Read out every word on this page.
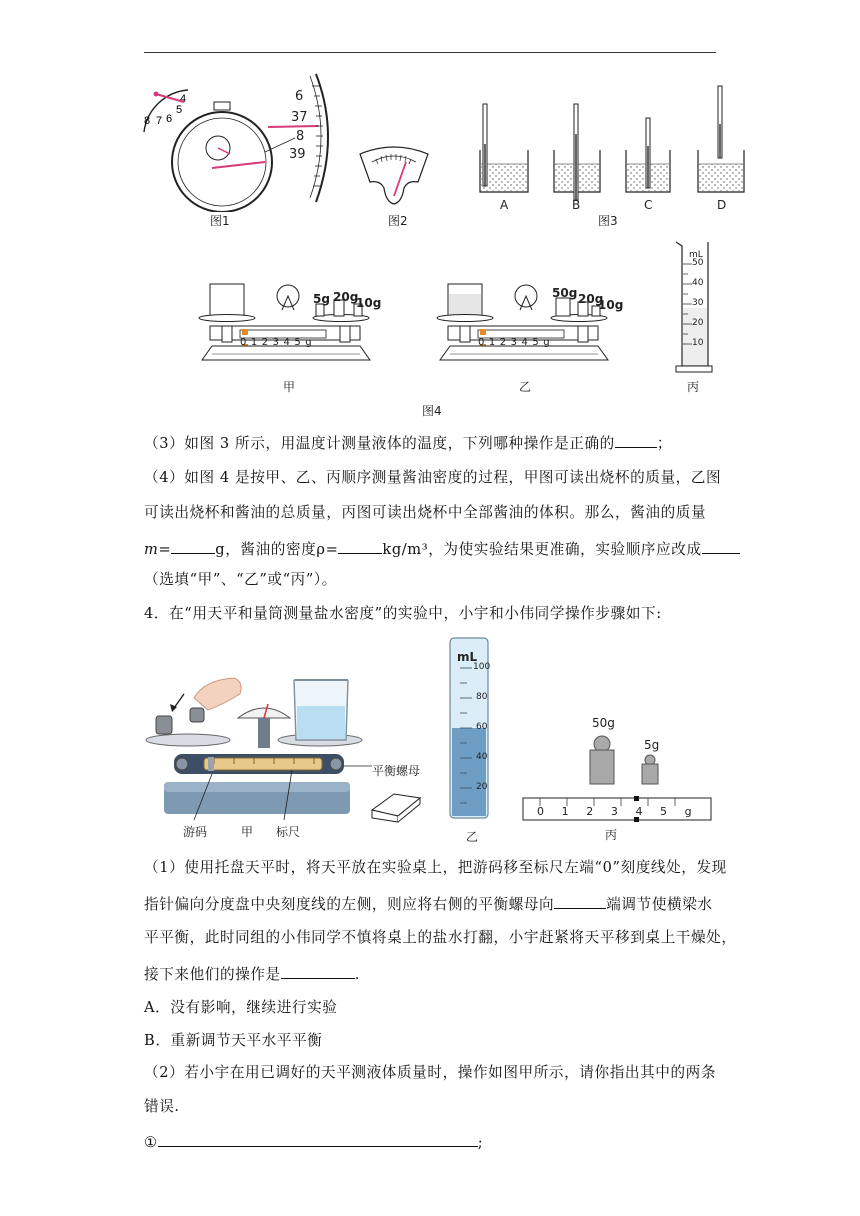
4
5
6
7
8
6
37
8
39
图1	图2
A	B	C	D
图3
5g 20g
10g
012345g
甲
50g 20g
10g
012345g
乙
mL
50
40
30
20
10
丙
图4
（3）如图 3 所示，用温度计测量液体的温度，下列哪种操作是正确的	；
（4）如图 4 是按甲、乙、丙顺序测量酱油密度的过程，甲图可读出烧杯的质量，乙图
可读出烧杯和酱油的总质量，丙图可读出烧杯中全部酱油的体积。那么，酱油的质量
m=	g，酱油的密度ρ=	kg/m³，为使实验结果更准确，实验顺序应改成
（选填“甲”、“乙”或“丙”）。
4．在“用天平和量筒测量盐水密度”的实验中，小宇和小伟同学操作步骤如下:
平衡螺母
游码	标尺
甲
mL
100
80
60
40
20
乙
50g
5g
012345g
丙
（1）使用托盘天平时，将天平放在实验桌上，把游码移至标尺左端“0”刻度线处，发现
指针偏向分度盘中央刻度线的左侧，则应将右侧的平衡螺母向	端调节使横梁水
平平衡，此时同组的小伟同学不慎将桌上的盐水打翻，小宇赶紧将天平移到桌上干燥处，
接下来他们的操作是	.
A．没有影响，继续进行实验
B．重新调节天平水平平衡
（2）若小宇在用已调好的天平测液体质量时，操作如图甲所示，请你指出其中的两条
错误.
①	;
